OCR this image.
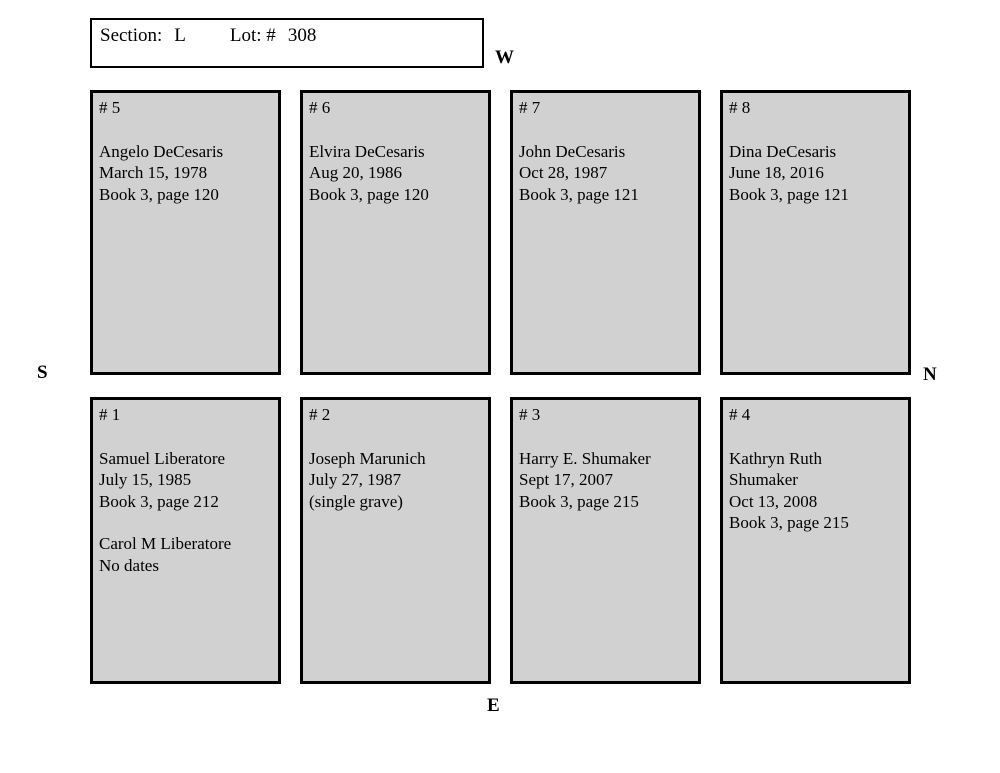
Section: L Lot: # 308
W
S	N
E
# 5
Angelo DeCesaris
March 15, 1978
Book 3, page 120
# 6
Elvira DeCesaris
Aug 20, 1986
Book 3, page 120
# 7
John DeCesaris
Oct 28, 1987
Book 3, page 121
# 8
Dina DeCesaris
June 18, 2016
Book 3, page 121
# 1
Samuel Liberatore
July 15, 1985
Book 3, page 212
Carol M Liberatore
No dates
# 2
Joseph Marunich
July 27, 1987
(single grave)
# 3
Harry E. Shumaker
Sept 17, 2007
Book 3, page 215
# 4
Kathryn Ruth
Shumaker
Oct 13, 2008
Book 3, page 215
